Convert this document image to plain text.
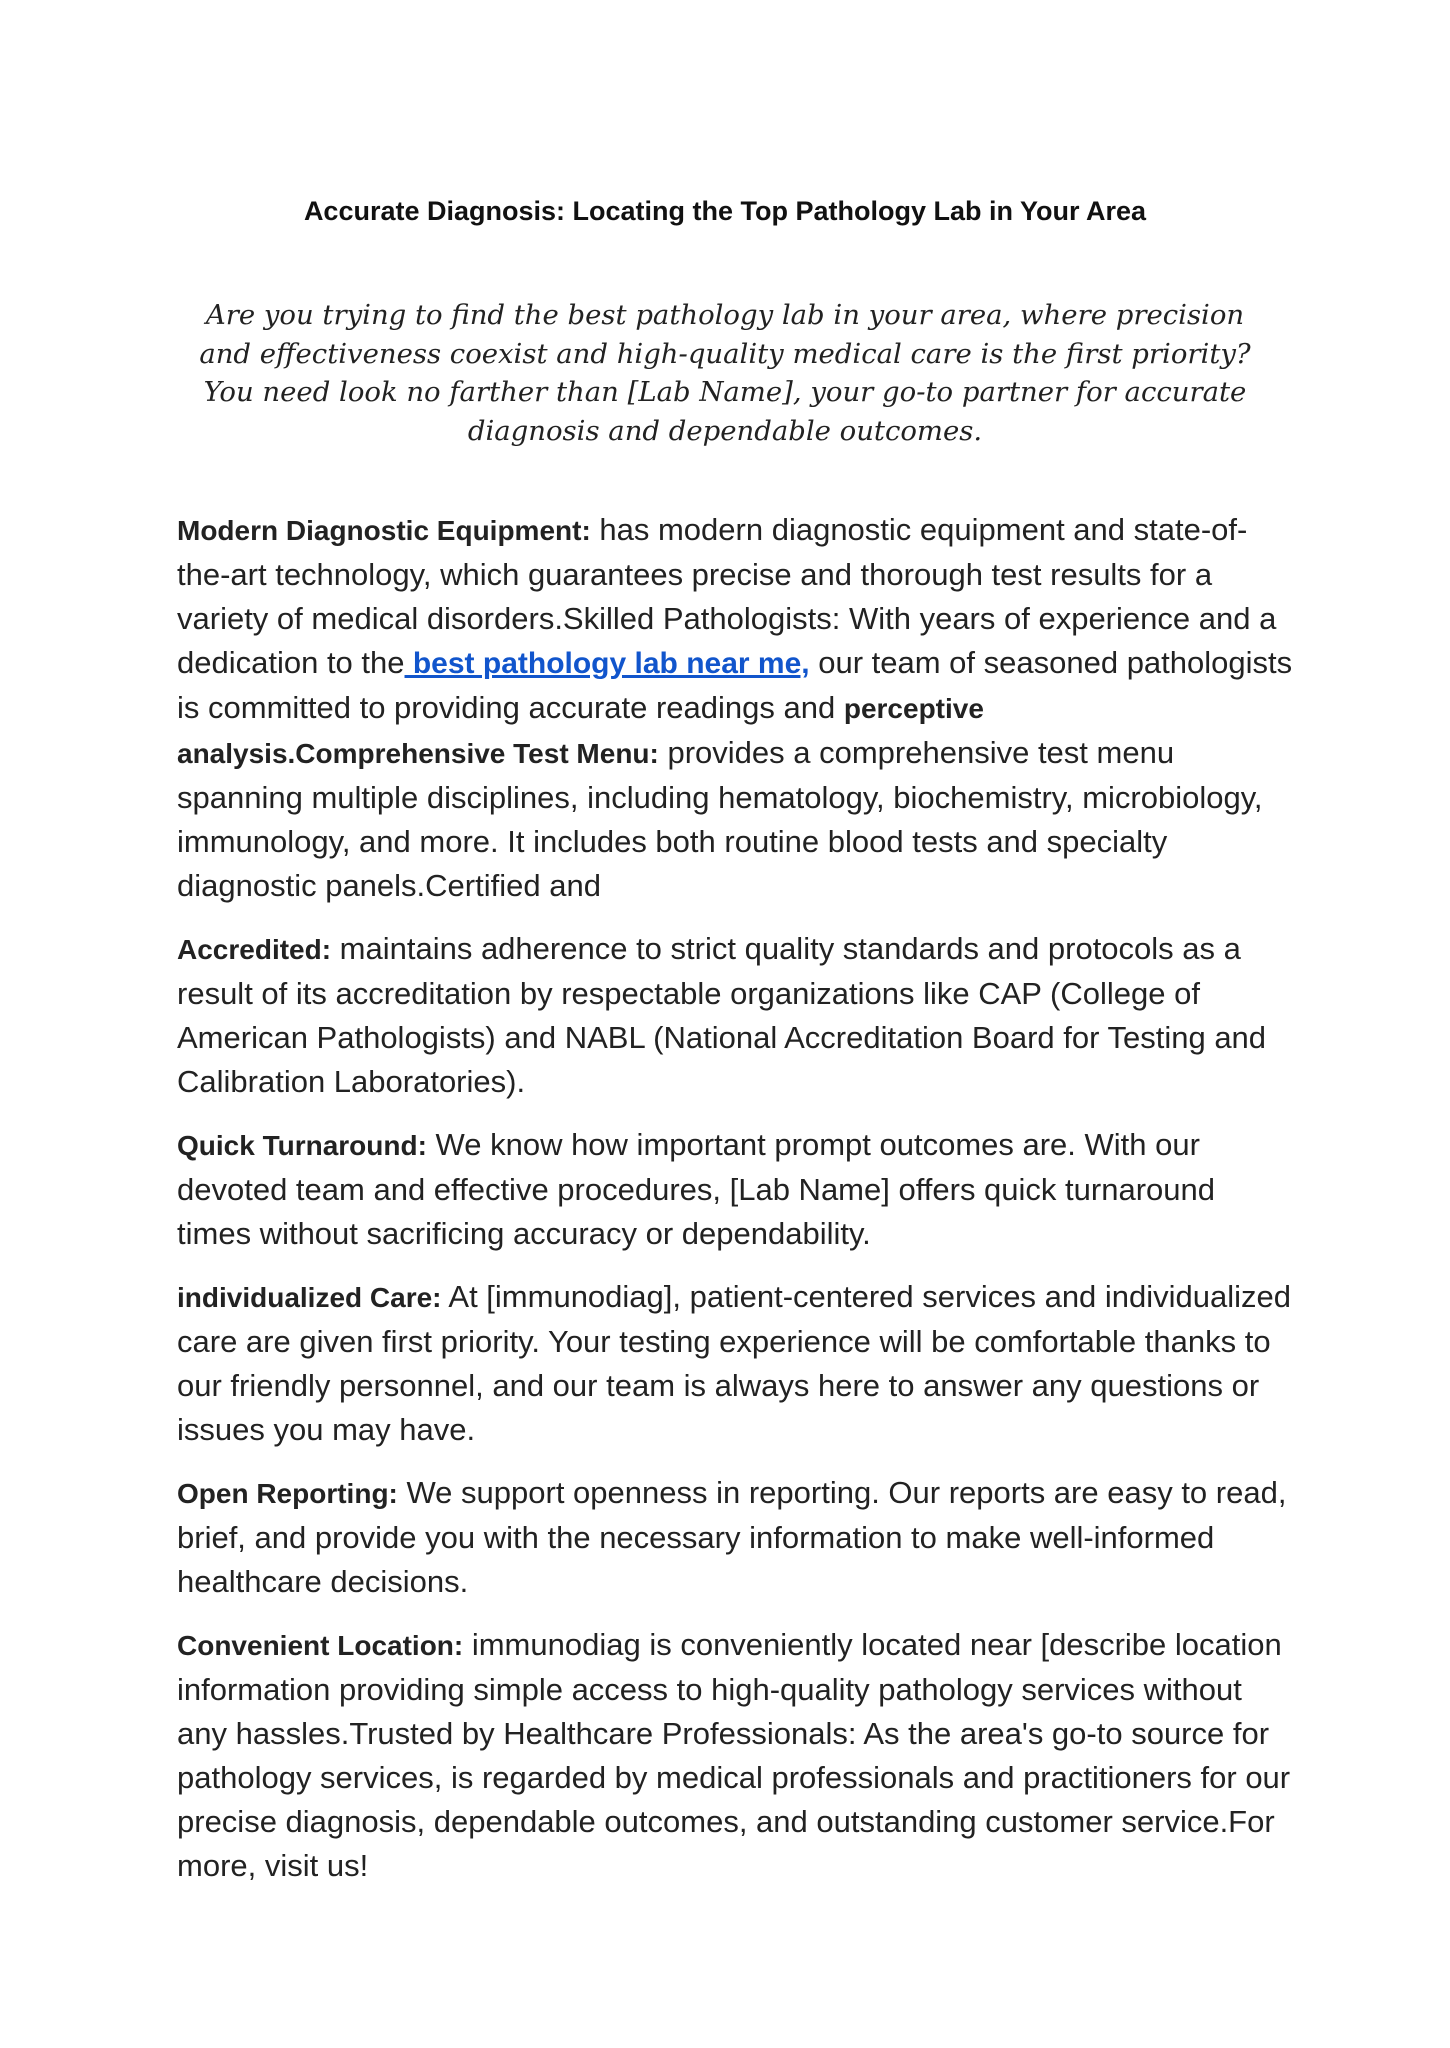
Accurate Diagnosis: Locating the Top Pathology Lab in Your Area

Are you trying to find the best pathology lab in your area, where precision and effectiveness coexist and high-quality medical care is the first priority? You need look no farther than [Lab Name], your go-to partner for accurate diagnosis and dependable outcomes.

Modern Diagnostic Equipment: has modern diagnostic equipment and state-of-the-art technology, which guarantees precise and thorough test results for a variety of medical disorders.Skilled Pathologists: With years of experience and a dedication to the best pathology lab near me, our team of seasoned pathologists is committed to providing accurate readings and perceptive analysis.Comprehensive Test Menu: provides a comprehensive test menu spanning multiple disciplines, including hematology, biochemistry, microbiology, immunology, and more. It includes both routine blood tests and specialty diagnostic panels.Certified and

Accredited: maintains adherence to strict quality standards and protocols as a result of its accreditation by respectable organizations like CAP (College of American Pathologists) and NABL (National Accreditation Board for Testing and Calibration Laboratories).

Quick Turnaround: We know how important prompt outcomes are. With our devoted team and effective procedures, [Lab Name] offers quick turnaround times without sacrificing accuracy or dependability.

individualized Care: At [immunodiag], patient-centered services and individualized care are given first priority. Your testing experience will be comfortable thanks to our friendly personnel, and our team is always here to answer any questions or issues you may have.

Open Reporting: We support openness in reporting. Our reports are easy to read, brief, and provide you with the necessary information to make well-informed healthcare decisions.

Convenient Location: immunodiag is conveniently located near [describe location information providing simple access to high-quality pathology services without any hassles.Trusted by Healthcare Professionals: As the area's go-to source for pathology services, is regarded by medical professionals and practitioners for our precise diagnosis, dependable outcomes, and outstanding customer service.For more, visit us!
